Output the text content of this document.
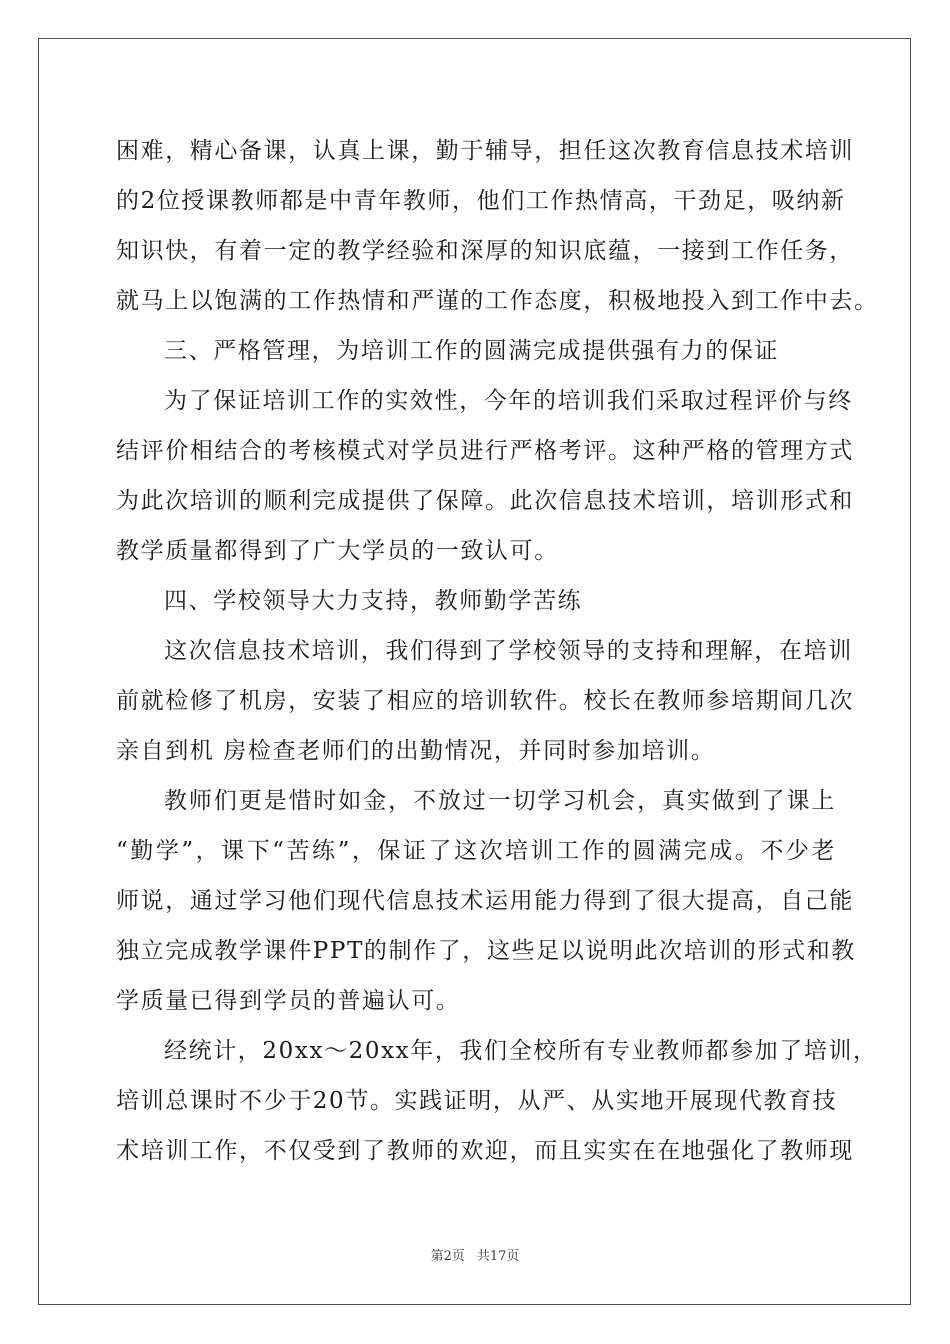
困难，精心备课，认真上课，勤于辅导，担任这次教育信息技术培训
的2位授课教师都是中青年教师，他们工作热情高，干劲足，吸纳新
知识快，有着一定的教学经验和深厚的知识底蕴，一接到工作任务，
就马上以饱满的工作热情和严谨的工作态度，积极地投入到工作中去。
三、严格管理，为培训工作的圆满完成提供强有力的保证
为了保证培训工作的实效性，今年的培训我们采取过程评价与终
结评价相结合的考核模式对学员进行严格考评。这种严格的管理方式
为此次培训的顺利完成提供了保障。此次信息技术培训，培训形式和
教学质量都得到了广大学员的一致认可。
四、学校领导大力支持，教师勤学苦练
这次信息技术培训，我们得到了学校领导的支持和理解，在培训
前就检修了机房，安装了相应的培训软件。校长在教师参培期间几次
亲自到机 房检查老师们的出勤情况，并同时参加培训。
教师们更是惜时如金，不放过一切学习机会，真实做到了课上
“勤学”，课下“苦练”，保证了这次培训工作的圆满完成。不少老
师说，通过学习他们现代信息技术运用能力得到了很大提高，自己能
独立完成教学课件PPT的制作了，这些足以说明此次培训的形式和教
学质量已得到学员的普遍认可。
经统计，20xx～20xx年，我们全校所有专业教师都参加了培训，
培训总课时不少于20节。实践证明，从严、从实地开展现代教育技
术培训工作，不仅受到了教师的欢迎，而且实实在在地强化了教师现
第2页 共17页
